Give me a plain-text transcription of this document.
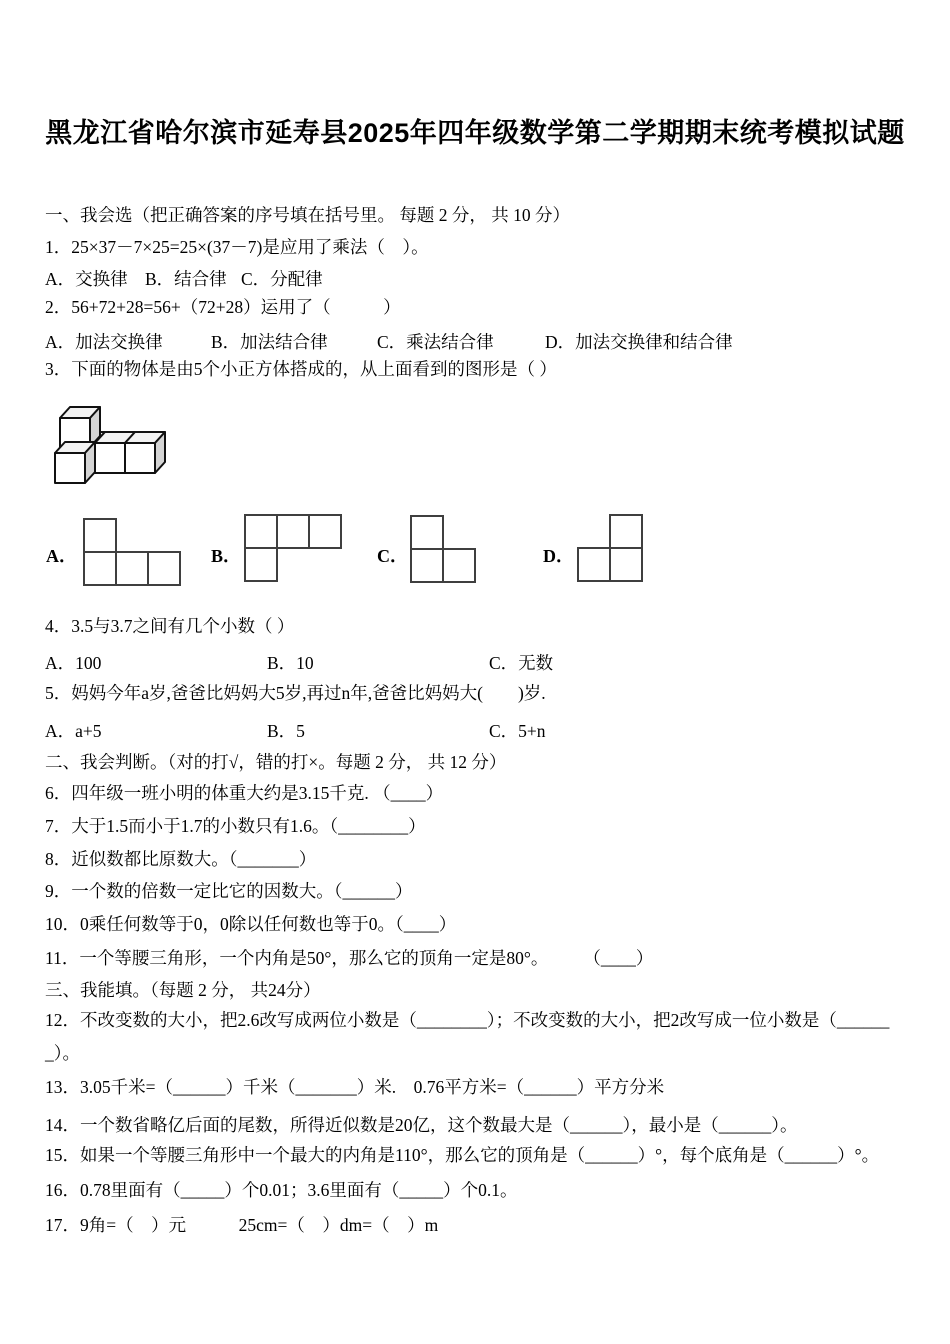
黑龙江省哈尔滨市延寿县2025年四年级数学第二学期期末统考模拟试题
一、我会选（把正确答案的序号填在括号里。 每题 2 分， 共 10 分）
1．25×37－7×25=25×(37－7)是应用了乘法（　）。
A．交换律 B．结合律 C．分配律
2．56+72+28=56+（72+28）运用了（　　　）
A．加法交换律	B．加法结合律	C．乘法结合律	D．加法交换律和结合律
3．下面的物体是由5个小正方体搭成的，从上面看到的图形是（ ）
A．	B．	C．	D．
4．3.5与3.7之间有几个小数（ ）
A．100	B．10	C．无数
5．妈妈今年a岁,爸爸比妈妈大5岁,再过n年,爸爸比妈妈大(　　)岁.
A．a+5	B．5	C．5+n
二、我会判断。（对的打√，错的打×。每题 2 分， 共 12 分）
6．四年级一班小明的体重大约是3.15千克. （____）
7．大于1.5而小于1.7的小数只有1.6。（________）
8．近似数都比原数大。（_______）
9．一个数的倍数一定比它的因数大。（______）
10．0乘任何数等于0，0除以任何数也等于0。（____）
11．一个等腰三角形，一个内角是50°，那么它的顶角一定是80°。　　　（____）
三、我能填。（每题 2 分， 共24分）
12．不改变数的大小，把2.6改写成两位小数是（________）；不改变数的大小，把2改写成一位小数是（______
_）。
13．3.05千米=（______）千米（_______）米.　0.76平方米=（______）平方分米
14．一个数省略亿后面的尾数，所得近似数是20亿，这个数最大是（______），最小是（______）。
15．如果一个等腰三角形中一个最大的内角是110°，那么它的顶角是（______）°，每个底角是（______）°。
16．0.78里面有（_____）个0.01；3.6里面有（_____）个0.1。
17．9角=（　）元　　　25cm=（　）dm=（　）m
